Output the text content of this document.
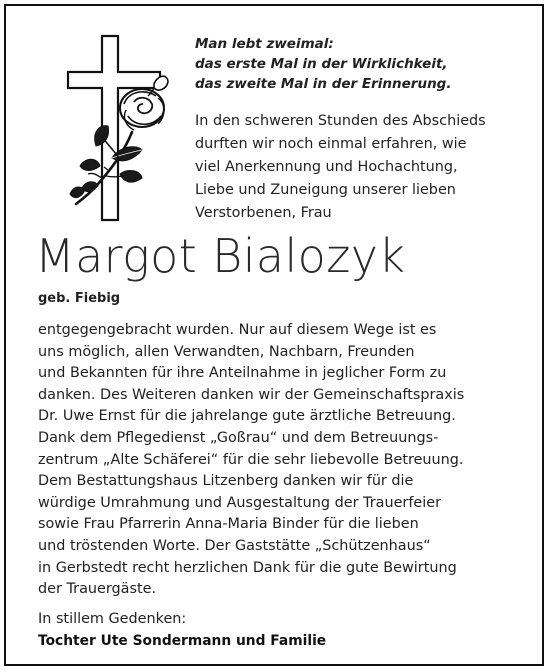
Man lebt zweimal:
das erste Mal in der Wirklichkeit,
das zweite Mal in der Erinnerung.
In den schweren Stunden des Abschieds
durften wir noch einmal erfahren, wie
viel Anerkennung und Hochachtung,
Liebe und Zuneigung unserer lieben
Verstorbenen, Frau
Margot Bialozyk
geb. Fiebig
entgegengebracht wurden. Nur auf diesem Wege ist es
uns möglich, allen Verwandten, Nachbarn, Freunden
und Bekannten für ihre Anteilnahme in jeglicher Form zu
danken. Des Weiteren danken wir der Gemeinschaftspraxis
Dr. Uwe Ernst für die jahrelange gute ärztliche Betreuung.
Dank dem Pflegedienst „Goßrau“ und dem Betreuungs-
zentrum „Alte Schäferei“ für die sehr liebevolle Betreuung.
Dem Bestattungshaus Litzenberg danken wir für die
würdige Umrahmung und Ausgestaltung der Trauerfeier
sowie Frau Pfarrerin Anna-Maria Binder für die lieben
und tröstenden Worte. Der Gaststätte „Schützenhaus“
in Gerbstedt recht herzlichen Dank für die gute Bewirtung
der Trauergäste.
In stillem Gedenken:
Tochter Ute Sondermann und Familie
